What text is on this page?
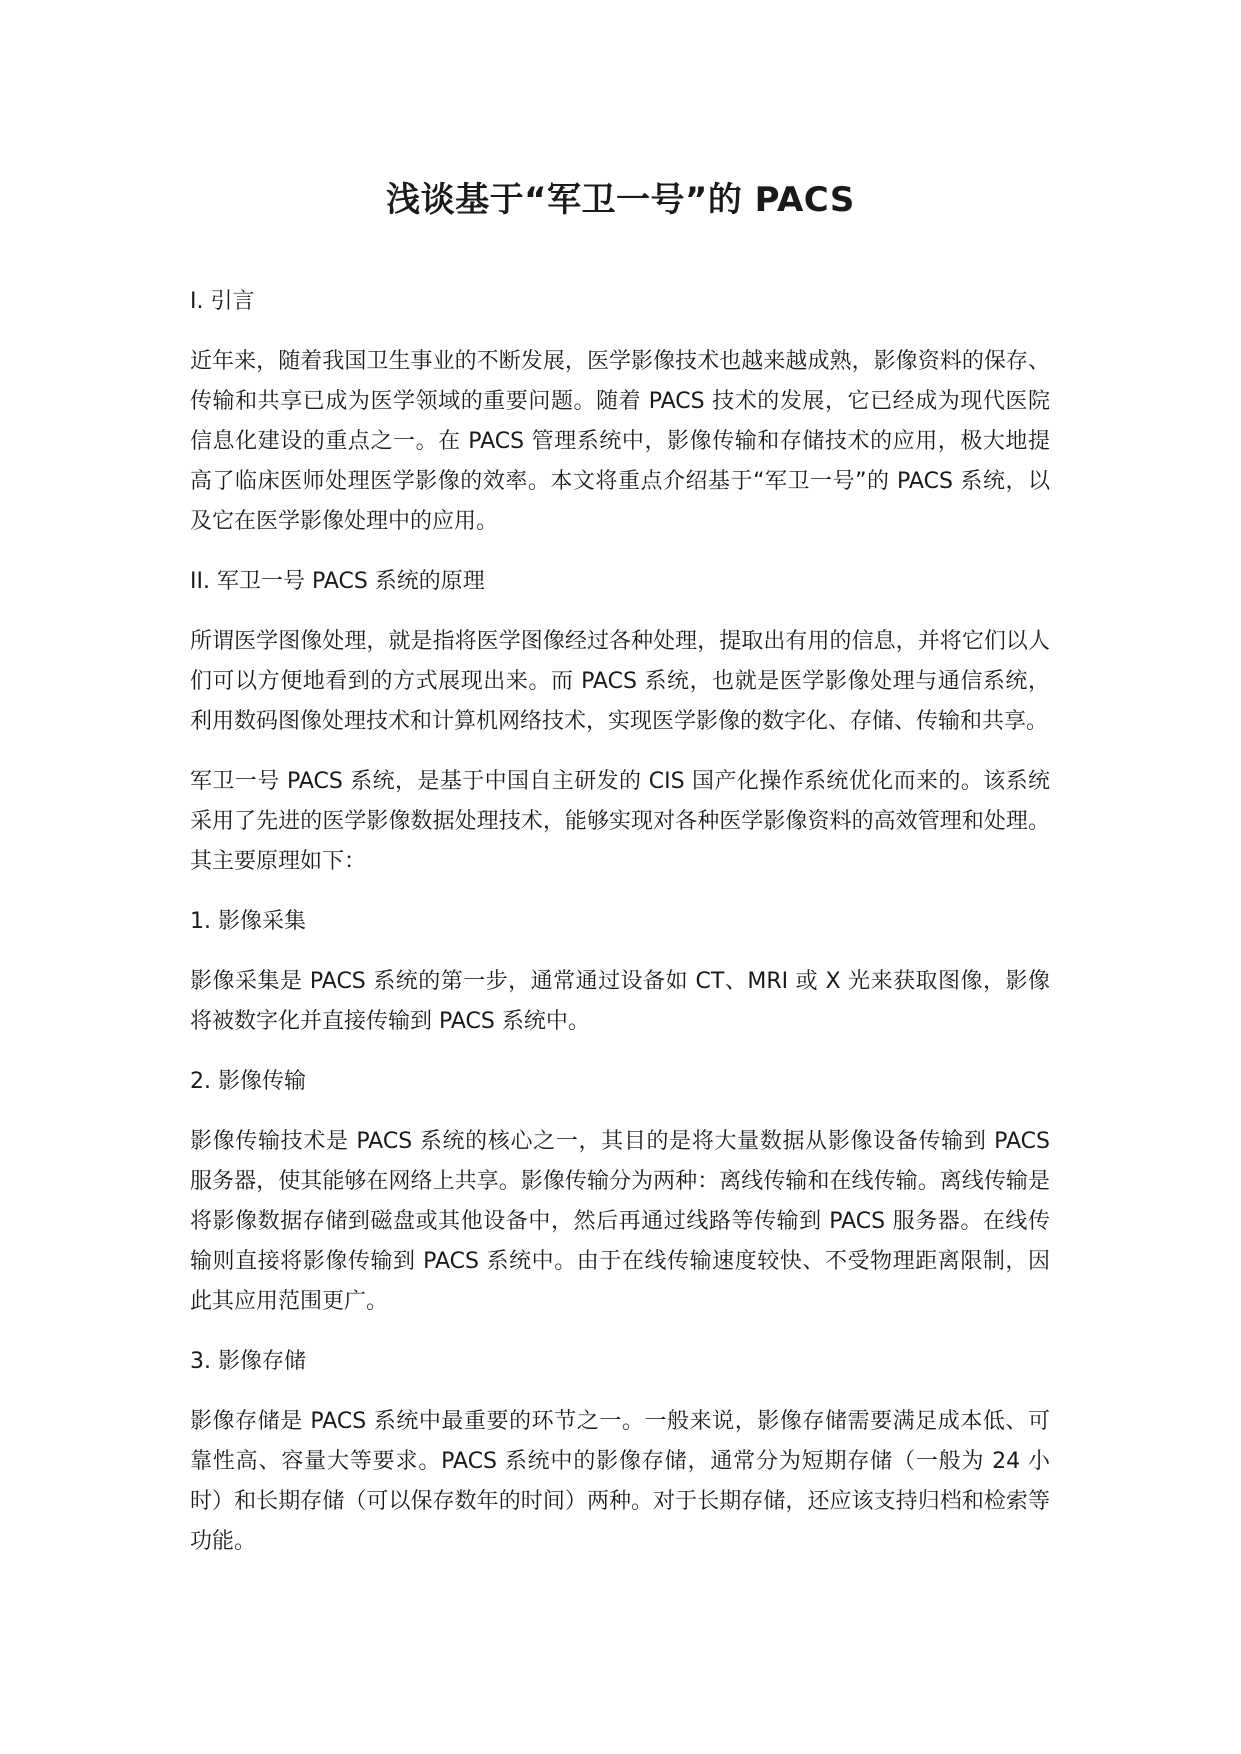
浅谈基于“军卫一号”的 PACS

I. 引言

近年来，随着我国卫生事业的不断发展，医学影像技术也越来越成熟，影像资料的保存、传输和共享已成为医学领域的重要问题。随着 PACS 技术的发展，它已经成为现代医院信息化建设的重点之一。在 PACS 管理系统中，影像传输和存储技术的应用，极大地提高了临床医师处理医学影像的效率。本文将重点介绍基于“军卫一号”的 PACS 系统，以及它在医学影像处理中的应用。

II. 军卫一号 PACS 系统的原理

所谓医学图像处理，就是指将医学图像经过各种处理，提取出有用的信息，并将它们以人们可以方便地看到的方式展现出来。而 PACS 系统，也就是医学影像处理与通信系统，利用数码图像处理技术和计算机网络技术，实现医学影像的数字化、存储、传输和共享。

军卫一号 PACS 系统，是基于中国自主研发的 CIS 国产化操作系统优化而来的。该系统采用了先进的医学影像数据处理技术，能够实现对各种医学影像资料的高效管理和处理。其主要原理如下：

1. 影像采集

影像采集是 PACS 系统的第一步，通常通过设备如 CT、MRI 或 X 光来获取图像，影像将被数字化并直接传输到 PACS 系统中。

2. 影像传输

影像传输技术是 PACS 系统的核心之一，其目的是将大量数据从影像设备传输到 PACS 服务器，使其能够在网络上共享。影像传输分为两种：离线传输和在线传输。离线传输是将影像数据存储到磁盘或其他设备中，然后再通过线路等传输到 PACS 服务器。在线传输则直接将影像传输到 PACS 系统中。由于在线传输速度较快、不受物理距离限制，因此其应用范围更广。

3. 影像存储

影像存储是 PACS 系统中最重要的环节之一。一般来说，影像存储需要满足成本低、可靠性高、容量大等要求。PACS 系统中的影像存储，通常分为短期存储（一般为 24 小时）和长期存储（可以保存数年的时间）两种。对于长期存储，还应该支持归档和检索等功能。
